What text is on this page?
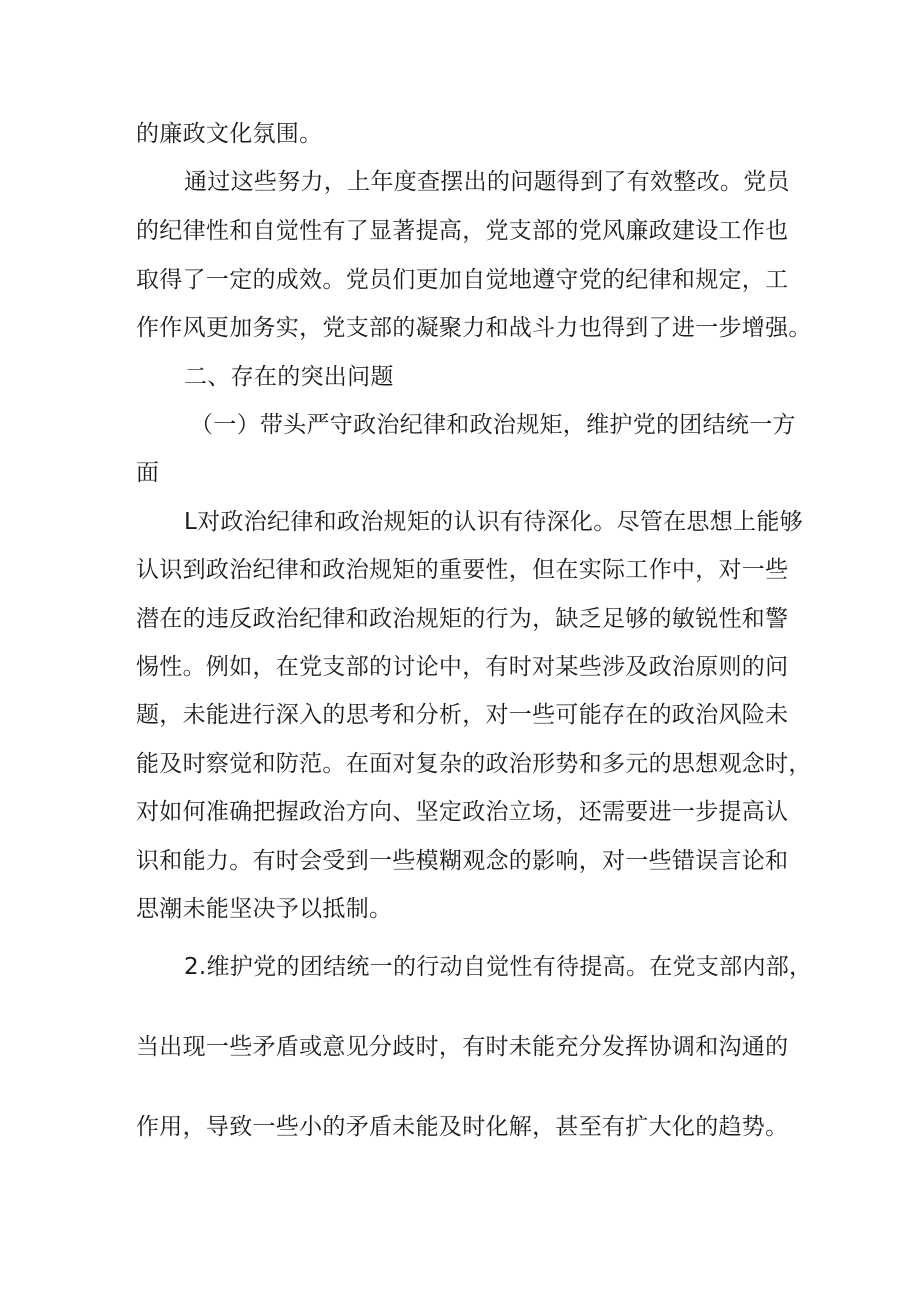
的廉政文化氛围。
通过这些努力，上年度查摆出的问题得到了有效整改。党员
的纪律性和自觉性有了显著提高，党支部的党风廉政建设工作也
取得了一定的成效。党员们更加自觉地遵守党的纪律和规定，工
作作风更加务实，党支部的凝聚力和战斗力也得到了进一步增强。
二、存在的突出问题
（一）带头严守政治纪律和政治规矩，维护党的团结统一方
面
L对政治纪律和政治规矩的认识有待深化。尽管在思想上能够
认识到政治纪律和政治规矩的重要性，但在实际工作中，对一些
潜在的违反政治纪律和政治规矩的行为，缺乏足够的敏锐性和警
惕性。例如，在党支部的讨论中，有时对某些涉及政治原则的问
题，未能进行深入的思考和分析，对一些可能存在的政治风险未
能及时察觉和防范。在面对复杂的政治形势和多元的思想观念时，
对如何准确把握政治方向、坚定政治立场，还需要进一步提高认
识和能力。有时会受到一些模糊观念的影响，对一些错误言论和
思潮未能坚决予以抵制。
2.维护党的团结统一的行动自觉性有待提高。在党支部内部，
当出现一些矛盾或意见分歧时，有时未能充分发挥协调和沟通的
作用，导致一些小的矛盾未能及时化解，甚至有扩大化的趋势。
